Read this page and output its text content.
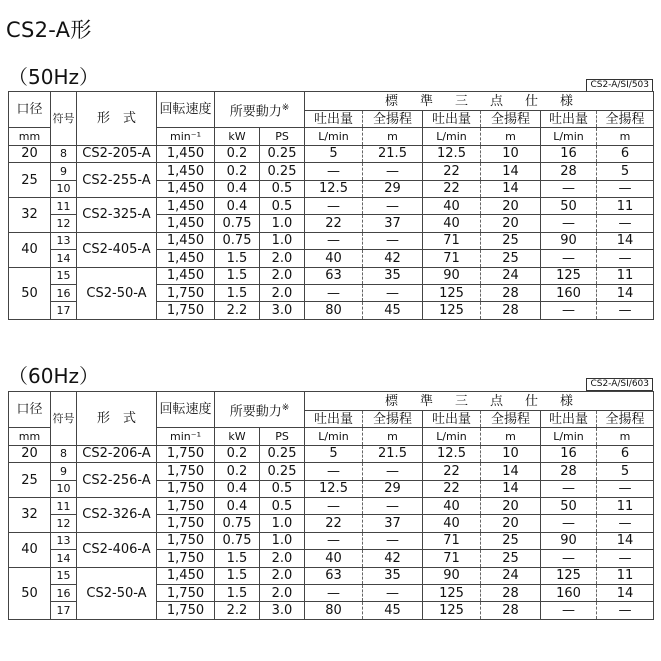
CS2-A形
（50Hz）	CS2-A/SI/503
口径	符号	形　式	回転速度	所要動力※		標準三点仕様					
						吐出量	全揚程	吐出量	全揚程	吐出量	全揚程
mm			min⁻¹	kW	PS	L/min	m	L/min	m	L/min	m
20	8	CS2-205-A	1,450	0.2	0.25	5	21.5	12.5	10	16	6
25	9	CS2-255-A	1,450	0.2	0.25	—	—	22	14	28	5
	10		1,450	0.4	0.5	12.5	29	22	14	—	—
32	11	CS2-325-A	1,450	0.4	0.5	—	—	40	20	50	11
	12		1,450	0.75	1.0	22	37	40	20	—	—
40	13	CS2-405-A	1,450	0.75	1.0	—	—	71	25	90	14
	14		1,450	1.5	2.0	40	42	71	25	—	—
50	15	CS2-50-A	1,450	1.5	2.0	63	35	90	24	125	11
	16		1,750	1.5	2.0	—	—	125	28	160	14
	17		1,750	2.2	3.0	80	45	125	28	—	—
（60Hz）	CS2-A/SI/603
口径	符号	形　式	回転速度	所要動力※		標準三点仕様					
						吐出量	全揚程	吐出量	全揚程	吐出量	全揚程
mm			min⁻¹	kW	PS	L/min	m	L/min	m	L/min	m
20	8	CS2-206-A	1,750	0.2	0.25	5	21.5	12.5	10	16	6
25	9	CS2-256-A	1,750	0.2	0.25	—	—	22	14	28	5
	10		1,750	0.4	0.5	12.5	29	22	14	—	—
32	11	CS2-326-A	1,750	0.4	0.5	—	—	40	20	50	11
	12		1,750	0.75	1.0	22	37	40	20	—	—
40	13	CS2-406-A	1,750	0.75	1.0	—	—	71	25	90	14
	14		1,750	1.5	2.0	40	42	71	25	—	—
50	15	CS2-50-A	1,450	1.5	2.0	63	35	90	24	125	11
	16		1,750	1.5	2.0	—	—	125	28	160	14
	17		1,750	2.2	3.0	80	45	125	28	—	—
